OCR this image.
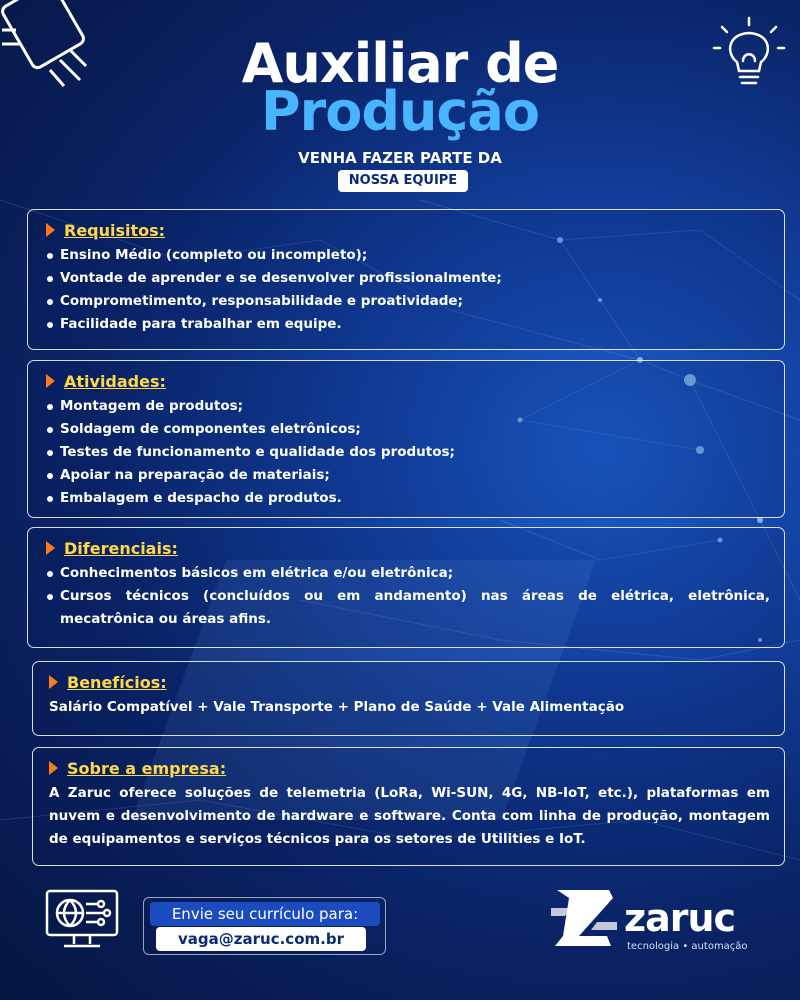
Auxiliar de
Produção
VENHA FAZER PARTE DA
NOSSA EQUIPE
Requisitos:
Ensino Médio (completo ou incompleto);
Vontade de aprender e se desenvolver profissionalmente;
Comprometimento, responsabilidade e proatividade;
Facilidade para trabalhar em equipe.
Atividades:
Montagem de produtos;
Soldagem de componentes eletrônicos;
Testes de funcionamento e qualidade dos produtos;
Apoiar na preparação de materiais;
Embalagem e despacho de produtos.
Diferenciais:
Conhecimentos básicos em elétrica e/ou eletrônica;
Cursos técnicos (concluídos ou em andamento) nas áreas de elétrica, eletrônica, mecatrônica ou áreas afins.
Benefícios:

Salário Compatível + Vale Transporte + Plano de Saúde + Vale Alimentação

Sobre a empresa:

A Zaruc oferece soluções de telemetria (LoRa, Wi-SUN, 4G, NB-IoT, etc.), plataformas em nuvem e desenvolvimento de hardware e software. Conta com linha de produção, montagem de equipamentos e serviços técnicos para os setores de Utilities e IoT.

Envie seu currículo para:
vaga@zaruc.com.br	zaruc
tecnologia • automação
